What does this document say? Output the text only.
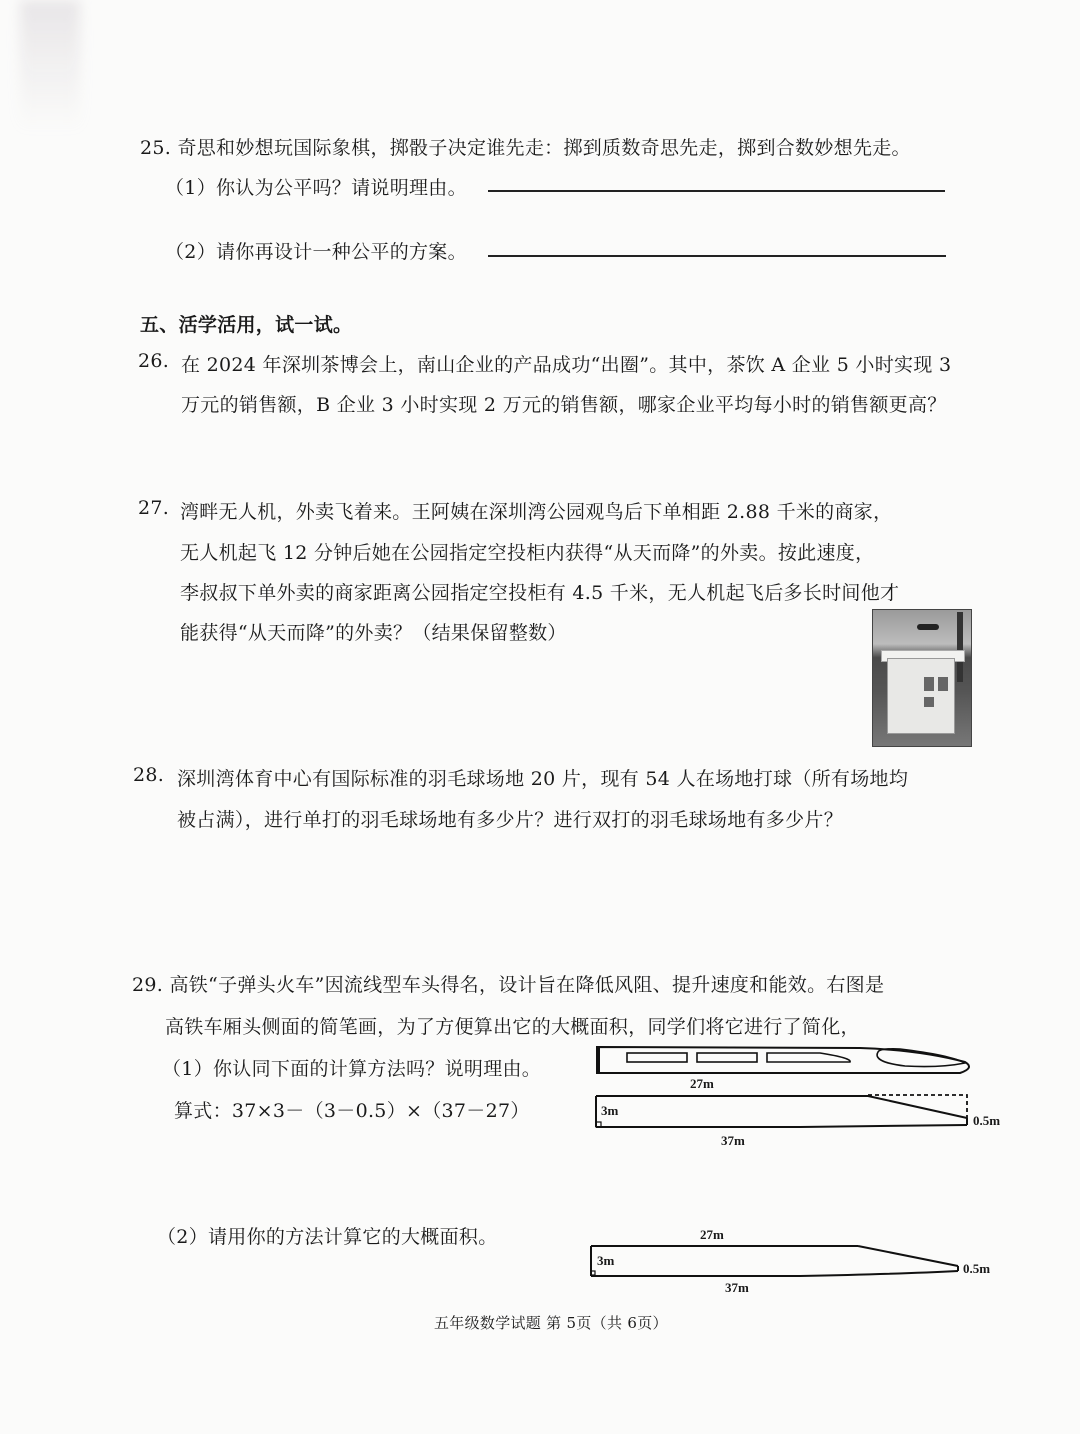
25. 奇思和妙想玩国际象棋，掷骰子决定谁先走：掷到质数奇思先走，掷到合数妙想先走。
（1）你认为公平吗？请说明理由。
（2）请你再设计一种公平的方案。
五、活学活用，试一试。
26. 在 2024 年深圳茶博会上，南山企业的产品成功“出圈”。其中，茶饮 A 企业 5 小时实现 3
万元的销售额，B 企业 3 小时实现 2 万元的销售额，哪家企业平均每小时的销售额更高？
27. 湾畔无人机，外卖飞着来。王阿姨在深圳湾公园观鸟后下单相距 2.88 千米的商家，
无人机起飞 12 分钟后她在公园指定空投柜内获得“从天而降”的外卖。按此速度，
李叔叔下单外卖的商家距离公园指定空投柜有 4.5 千米，无人机起飞后多长时间他才
能获得“从天而降”的外卖？（结果保留整数）
28. 深圳湾体育中心有国际标准的羽毛球场地 20 片，现有 54 人在场地打球（所有场地均
被占满），进行单打的羽毛球场地有多少片？进行双打的羽毛球场地有多少片？
29. 高铁“子弹头火车”因流线型车头得名，设计旨在降低风阻、提升速度和能效。右图是
高铁车厢头侧面的简笔画，为了方便算出它的大概面积，同学们将它进行了简化，
（1）你认同下面的计算方法吗？说明理由。
算式：37×3－（3－0.5）×（37－27）
（2）请用你的方法计算它的大概面积。
27m
3m
0.5m
37m
27m
3m
0.5m
37m
五年级数学试题 第 5页（共 6页）
